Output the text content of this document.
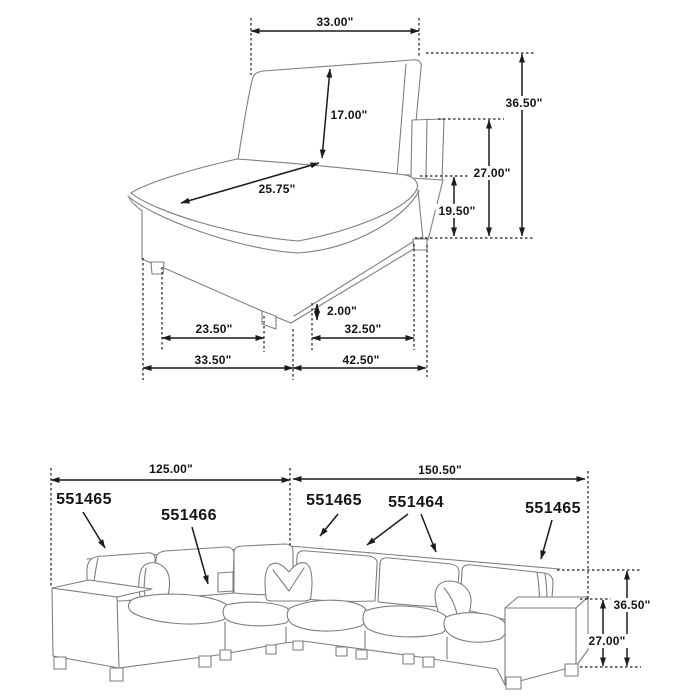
33.00"
17.00"
25.75"
36.50"
27.00"
19.50"
2.00"
23.50"	32.50"
33.50"	42.50"
125.00"	150.50"
36.50"
27.00"
551465
551466
551465 551464	551465
